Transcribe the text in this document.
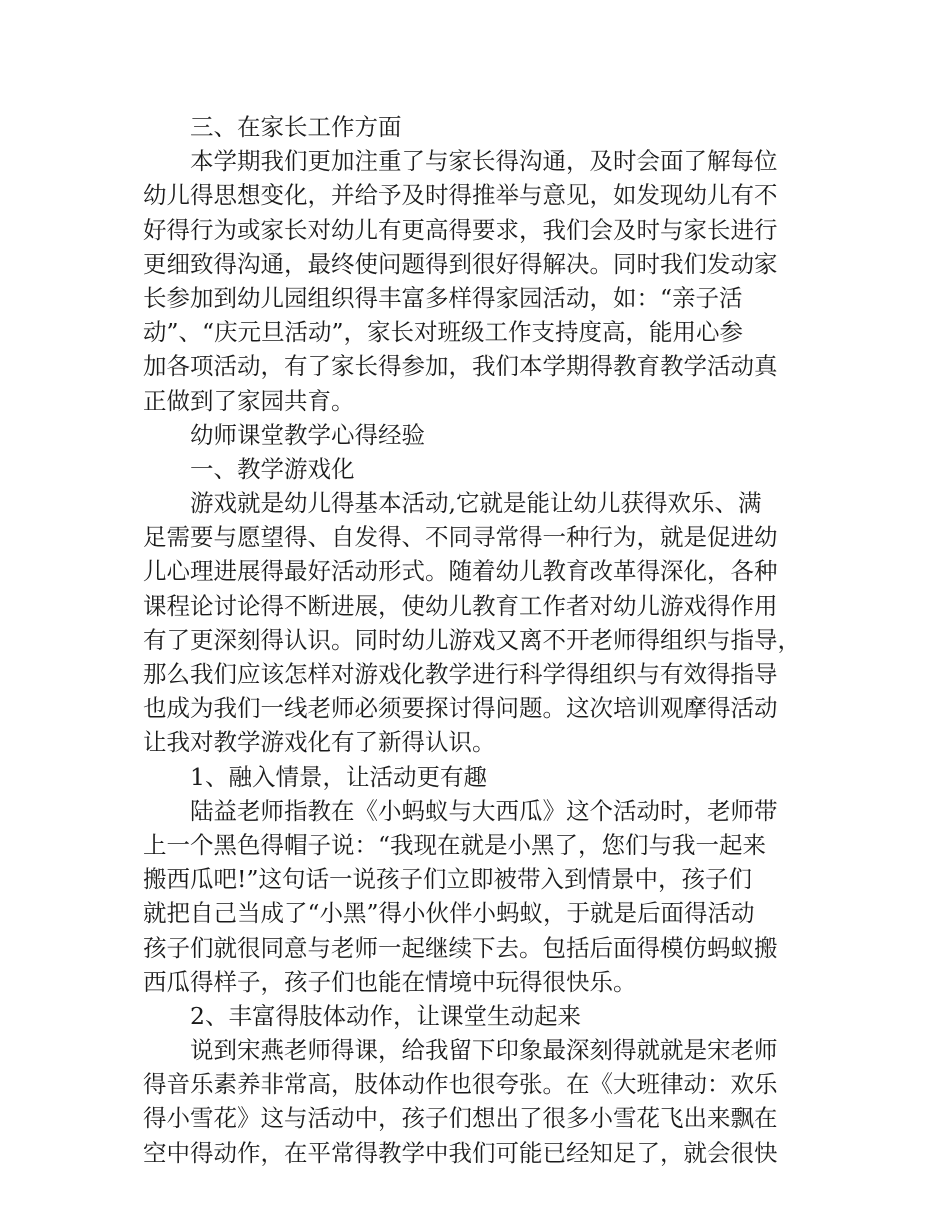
三、在家长工作方面

本学期我们更加注重了与家长得沟通，及时会面了解每位

幼儿得思想变化，并给予及时得推举与意见，如发现幼儿有不

好得行为或家长对幼儿有更高得要求，我们会及时与家长进行

更细致得沟通，最终使问题得到很好得解决。同时我们发动家

长参加到幼儿园组织得丰富多样得家园活动，如：“亲子活

动”、“庆元旦活动”，家长对班级工作支持度高，能用心参

加各项活动，有了家长得参加，我们本学期得教育教学活动真

正做到了家园共育。

幼师课堂教学心得经验

一、教学游戏化

游戏就是幼儿得基本活动,它就是能让幼儿获得欢乐、满

足需要与愿望得、自发得、不同寻常得一种行为，就是促进幼

儿心理进展得最好活动形式。随着幼儿教育改革得深化，各种

课程论讨论得不断进展，使幼儿教育工作者对幼儿游戏得作用

有了更深刻得认识。同时幼儿游戏又离不开老师得组织与指导，

那么我们应该怎样对游戏化教学进行科学得组织与有效得指导

也成为我们一线老师必须要探讨得问题。这次培训观摩得活动

让我对教学游戏化有了新得认识。

1、融入情景，让活动更有趣

陆益老师指教在《小蚂蚁与大西瓜》这个活动时，老师带

上一个黑色得帽子说：“我现在就是小黑了，您们与我一起来

搬西瓜吧!”这句话一说孩子们立即被带入到情景中，孩子们

就把自己当成了“小黑”得小伙伴小蚂蚁，于就是后面得活动

孩子们就很同意与老师一起继续下去。包括后面得模仿蚂蚁搬

西瓜得样子，孩子们也能在情境中玩得很快乐。

2、丰富得肢体动作，让课堂生动起来

说到宋燕老师得课，给我留下印象最深刻得就就是宋老师

得音乐素养非常高，肢体动作也很夸张。在《大班律动：欢乐

得小雪花》这与活动中，孩子们想出了很多小雪花飞出来飘在

空中得动作，在平常得教学中我们可能已经知足了，就会很快
